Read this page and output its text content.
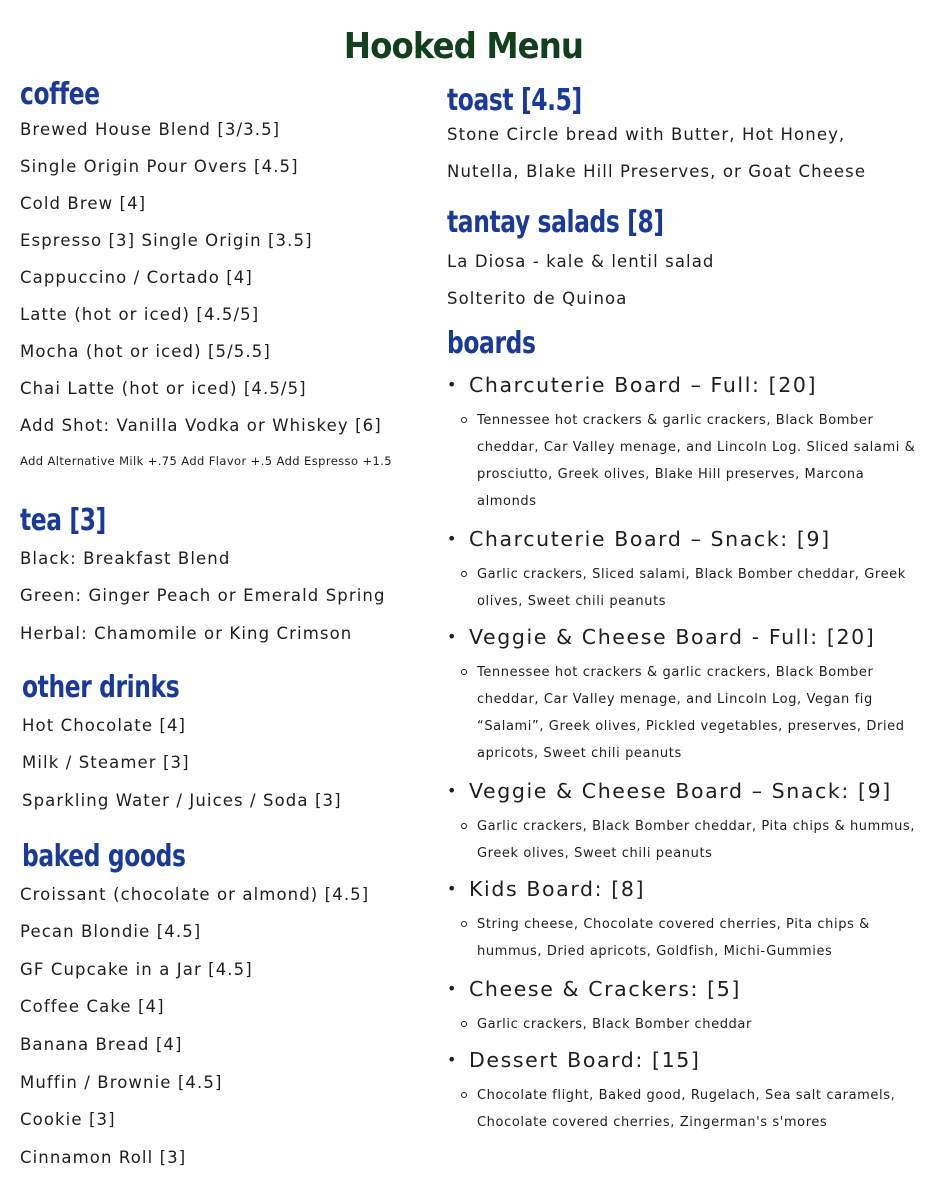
Hooked Menu
coffee
Brewed House Blend [3/3.5]
Single Origin Pour Overs [4.5]
Cold Brew [4]
Espresso [3] Single Origin [3.5]
Cappuccino / Cortado [4]
Latte (hot or iced) [4.5/5]
Mocha (hot or iced) [5/5.5]
Chai Latte (hot or iced) [4.5/5]
Add Shot: Vanilla Vodka or Whiskey [6]
Add Alternative Milk +.75 Add Flavor +.5 Add Espresso +1.5
tea [3]
Black: Breakfast Blend
Green: Ginger Peach or Emerald Spring
Herbal: Chamomile or King Crimson
other drinks
Hot Chocolate [4]
Milk / Steamer [3]
Sparkling Water / Juices / Soda [3]
baked goods
Croissant (chocolate or almond) [4.5]
Pecan Blondie [4.5]
GF Cupcake in a Jar [4.5]
Coffee Cake [4]
Banana Bread [4]
Muffin / Brownie [4.5]
Cookie [3]
Cinnamon Roll [3]
toast [4.5]
Stone Circle bread with Butter, Hot Honey,
Nutella, Blake Hill Preserves, or Goat Cheese
tantay salads [8]
La Diosa - kale & lentil salad
Solterito de Quinoa
boards
• Charcuterie Board – Full: [20]
Tennessee hot crackers & garlic crackers, Black Bomber cheddar, Car Valley menage, and Lincoln Log. Sliced salami & prosciutto, Greek olives, Blake Hill preserves, Marcona almonds
• Charcuterie Board – Snack: [9]
Garlic crackers, Sliced salami, Black Bomber cheddar, Greek olives, Sweet chili peanuts
• Veggie & Cheese Board - Full: [20]
Tennessee hot crackers & garlic crackers, Black Bomber cheddar, Car Valley menage, and Lincoln Log, Vegan fig “Salami”, Greek olives, Pickled vegetables, preserves, Dried apricots, Sweet chili peanuts
• Veggie & Cheese Board – Snack: [9]
Garlic crackers, Black Bomber cheddar, Pita chips & hummus, Greek olives, Sweet chili peanuts
• Kids Board: [8]
String cheese, Chocolate covered cherries, Pita chips & hummus, Dried apricots, Goldfish, Michi-Gummies
• Cheese & Crackers: [5]
Garlic crackers, Black Bomber cheddar
• Dessert Board: [15]
Chocolate flight, Baked good, Rugelach, Sea salt caramels, Chocolate covered cherries, Zingerman's s'mores
